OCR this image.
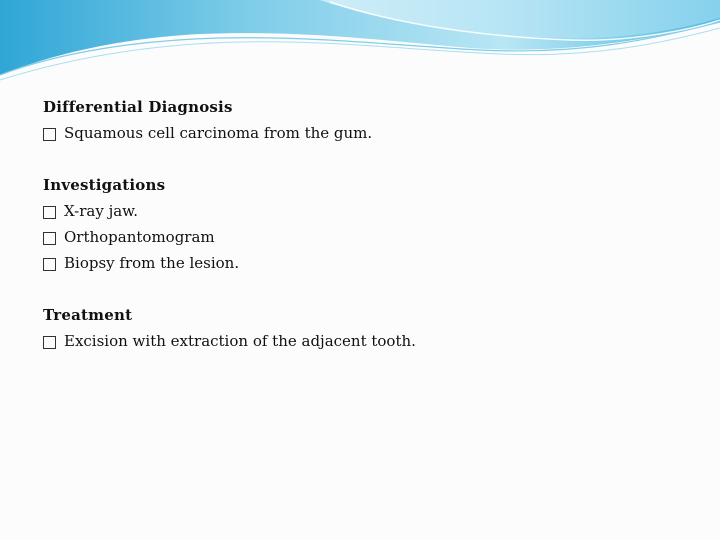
Differential Diagnosis
Squamous cell carcinoma from the gum.
Investigations
X-ray jaw.
Orthopantomogram
Biopsy from the lesion.
Treatment
Excision with extraction of the adjacent tooth.
